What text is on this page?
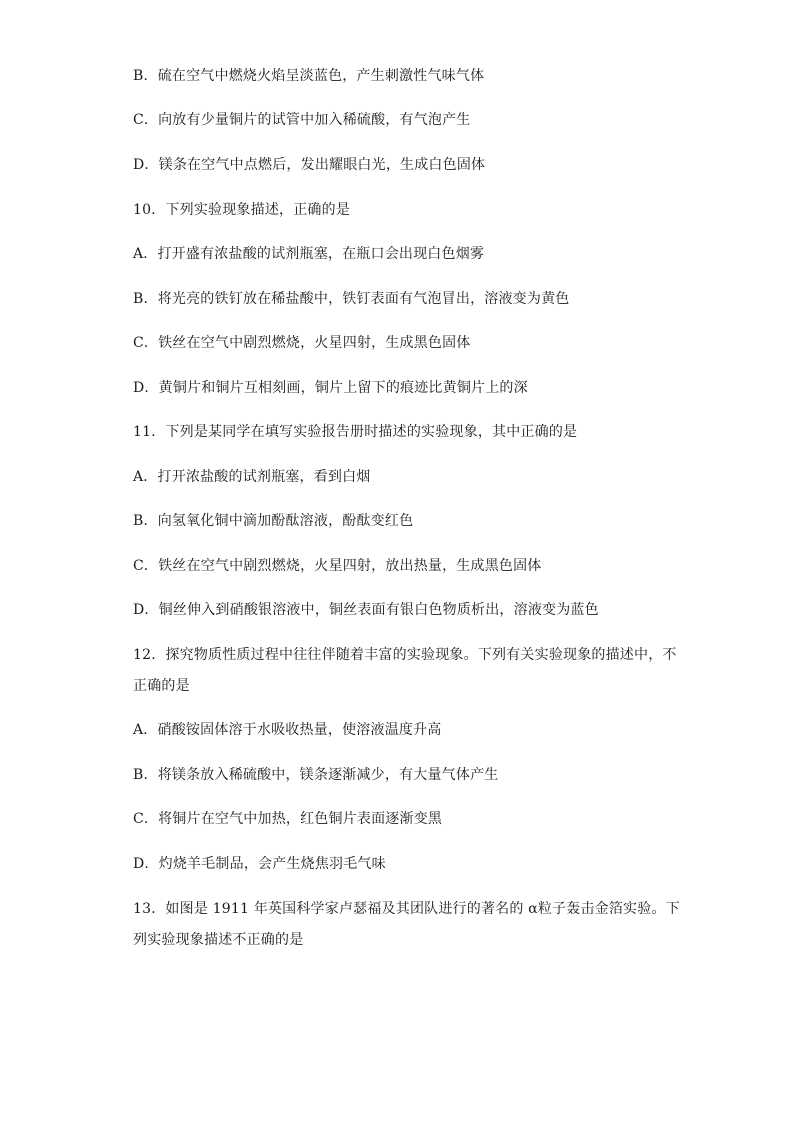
B．硫在空气中燃烧火焰呈淡蓝色，产生刺激性气味气体
C．向放有少量铜片的试管中加入稀硫酸，有气泡产生
D．镁条在空气中点燃后，发出耀眼白光，生成白色固体
10．下列实验现象描述，正确的是
A．打开盛有浓盐酸的试剂瓶塞，在瓶口会出现白色烟雾
B．将光亮的铁钉放在稀盐酸中，铁钉表面有气泡冒出，溶液变为黄色
C．铁丝在空气中剧烈燃烧，火星四射，生成黑色固体
D．黄铜片和铜片互相刻画，铜片上留下的痕迹比黄铜片上的深
11．下列是某同学在填写实验报告册时描述的实验现象，其中正确的是
A．打开浓盐酸的试剂瓶塞，看到白烟
B．向氢氧化铜中滴加酚酞溶液，酚酞变红色
C．铁丝在空气中剧烈燃烧，火星四射，放出热量，生成黑色固体
D．铜丝伸入到硝酸银溶液中，铜丝表面有银白色物质析出，溶液变为蓝色
12．探究物质性质过程中往往伴随着丰富的实验现象。下列有关实验现象的描述中，不
正确的是
A．硝酸铵固体溶于水吸收热量，使溶液温度升高
B．将镁条放入稀硫酸中，镁条逐渐减少，有大量气体产生
C．将铜片在空气中加热，红色铜片表面逐渐变黑
D．灼烧羊毛制品，会产生烧焦羽毛气味
13．如图是 1911 年英国科学家卢瑟福及其团队进行的著名的 α粒子轰击金箔实验。下
列实验现象描述不正确的是
